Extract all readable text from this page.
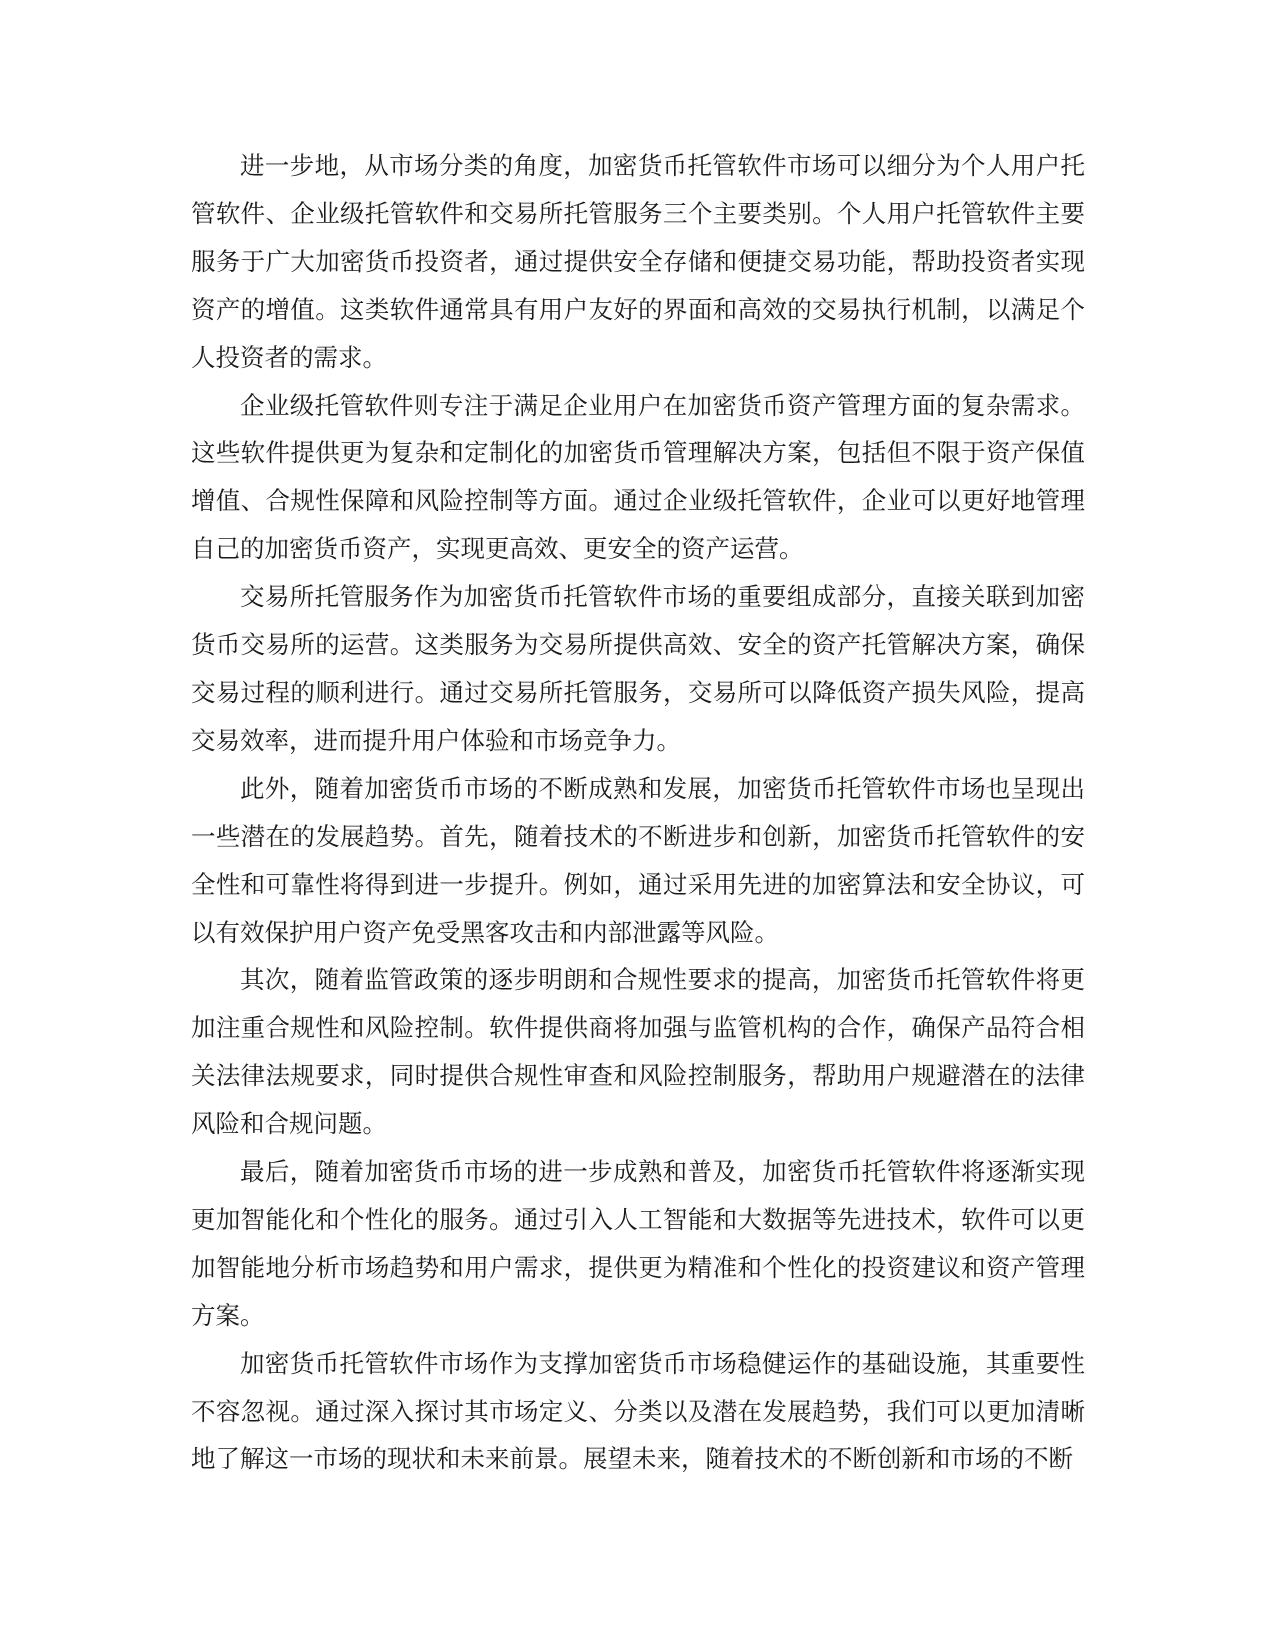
进一步地，从市场分类的角度，加密货币托管软件市场可以细分为个人用户托管软件、企业级托管软件和交易所托管服务三个主要类别。个人用户托管软件主要服务于广大加密货币投资者，通过提供安全存储和便捷交易功能，帮助投资者实现资产的增值。这类软件通常具有用户友好的界面和高效的交易执行机制，以满足个人投资者的需求。

企业级托管软件则专注于满足企业用户在加密货币资产管理方面的复杂需求。这些软件提供更为复杂和定制化的加密货币管理解决方案，包括但不限于资产保值增值、合规性保障和风险控制等方面。通过企业级托管软件，企业可以更好地管理自己的加密货币资产，实现更高效、更安全的资产运营。

交易所托管服务作为加密货币托管软件市场的重要组成部分，直接关联到加密货币交易所的运营。这类服务为交易所提供高效、安全的资产托管解决方案，确保交易过程的顺利进行。通过交易所托管服务，交易所可以降低资产损失风险，提高交易效率，进而提升用户体验和市场竞争力。

此外，随着加密货币市场的不断成熟和发展，加密货币托管软件市场也呈现出一些潜在的发展趋势。首先，随着技术的不断进步和创新，加密货币托管软件的安全性和可靠性将得到进一步提升。例如，通过采用先进的加密算法和安全协议，可以有效保护用户资产免受黑客攻击和内部泄露等风险。

其次，随着监管政策的逐步明朗和合规性要求的提高，加密货币托管软件将更加注重合规性和风险控制。软件提供商将加强与监管机构的合作，确保产品符合相关法律法规要求，同时提供合规性审查和风险控制服务，帮助用户规避潜在的法律风险和合规问题。

最后，随着加密货币市场的进一步成熟和普及，加密货币托管软件将逐渐实现更加智能化和个性化的服务。通过引入人工智能和大数据等先进技术，软件可以更加智能地分析市场趋势和用户需求，提供更为精准和个性化的投资建议和资产管理方案。

加密货币托管软件市场作为支撑加密货币市场稳健运作的基础设施，其重要性不容忽视。通过深入探讨其市场定义、分类以及潜在发展趋势，我们可以更加清晰地了解这一市场的现状和未来前景。展望未来，随着技术的不断创新和市场的不断
